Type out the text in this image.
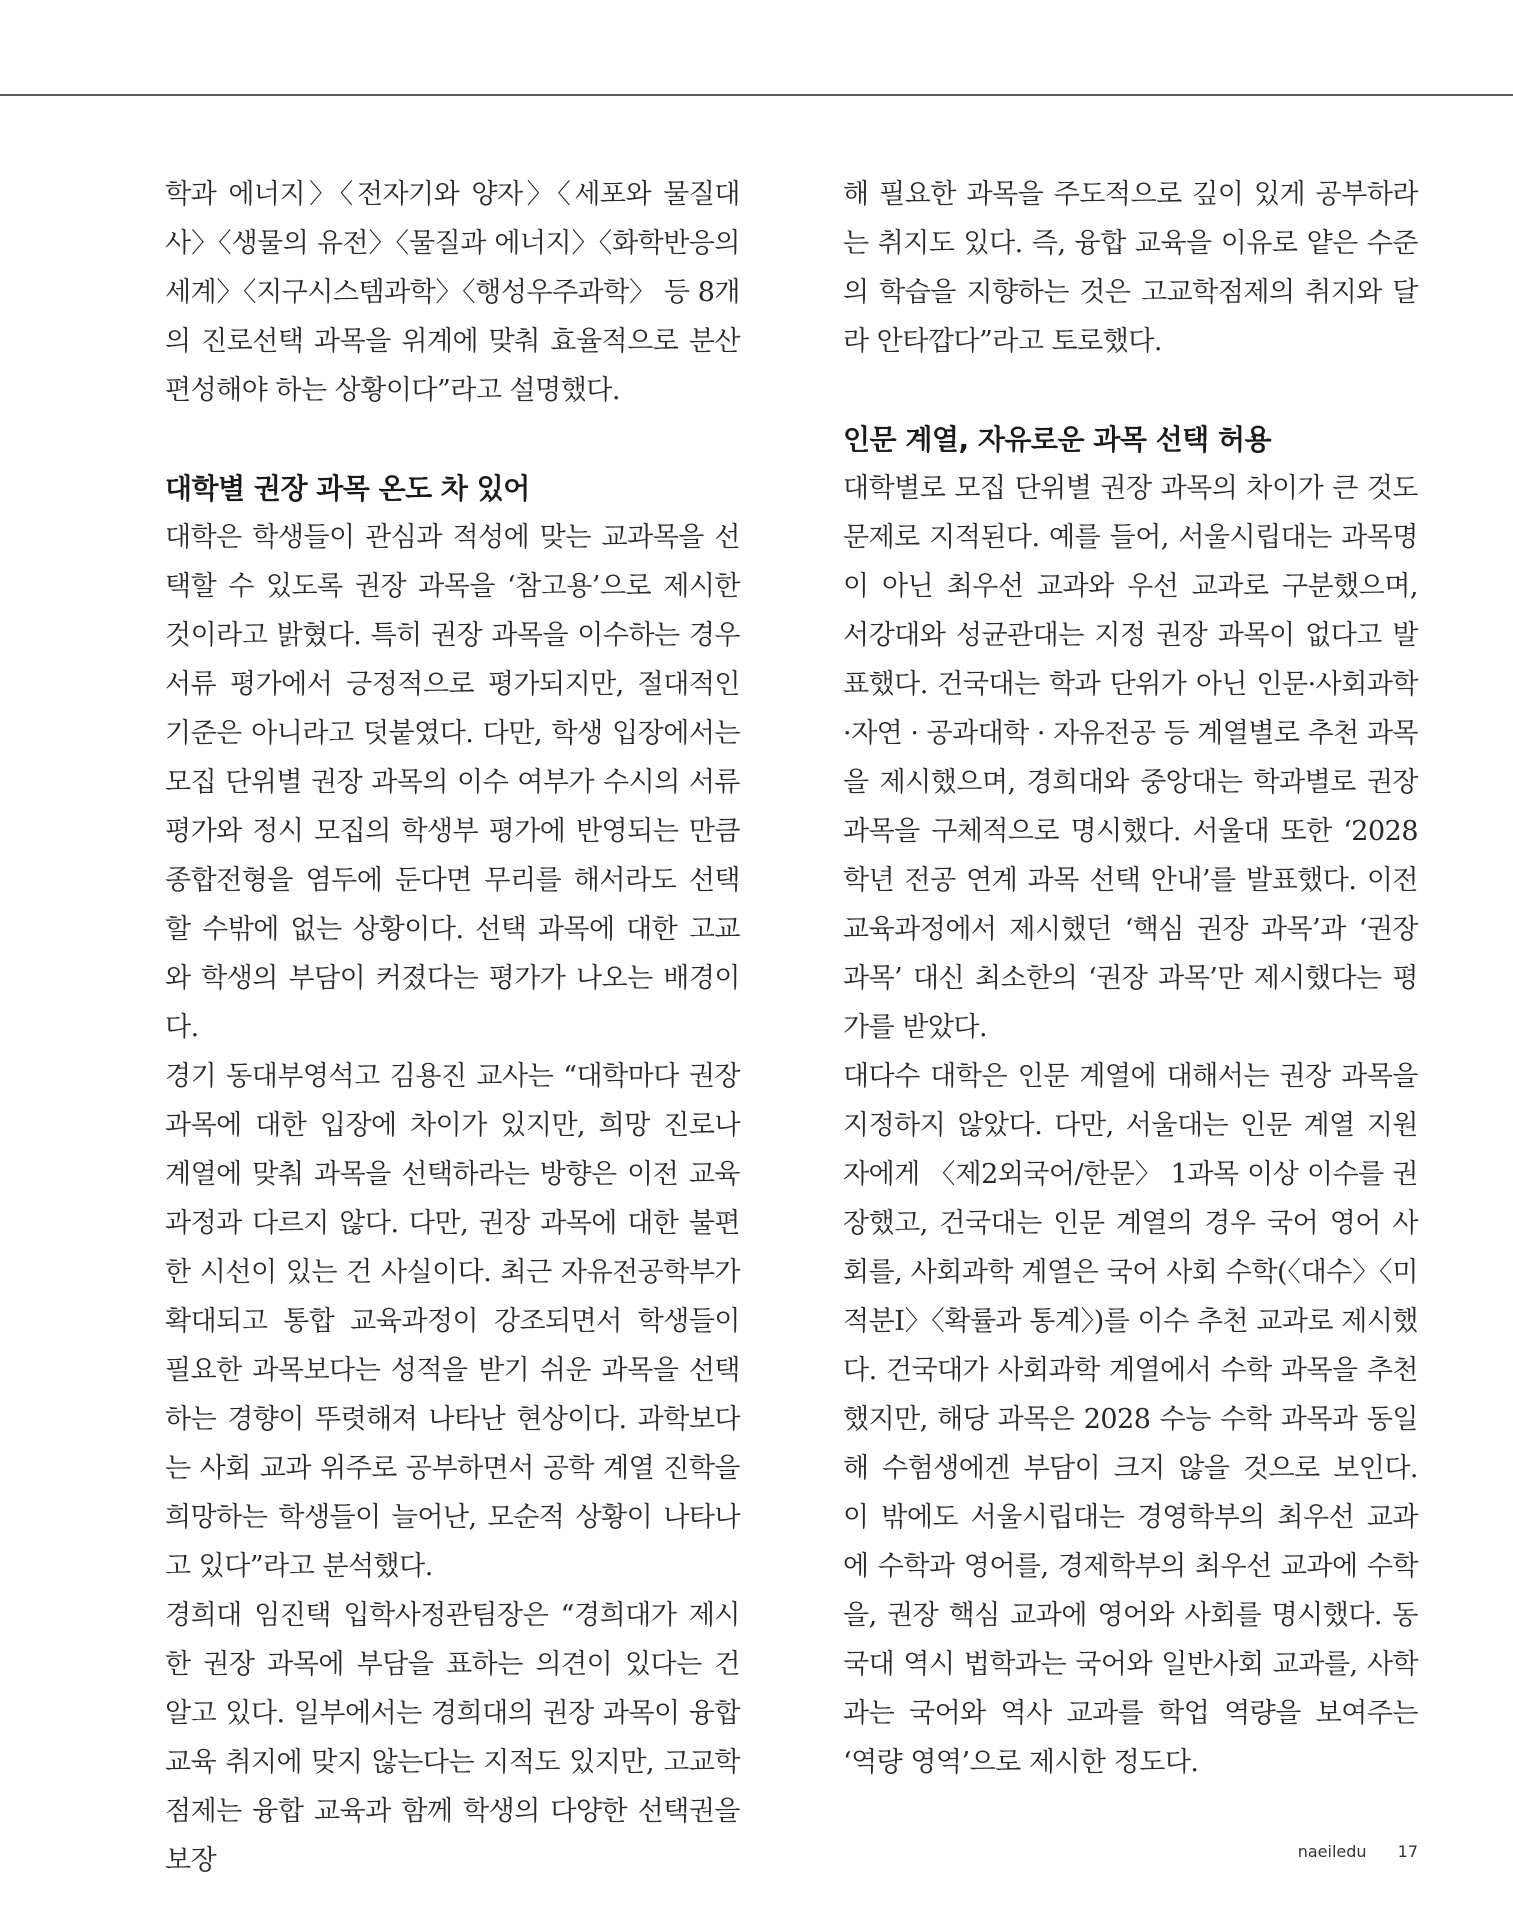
학과 에너지〉〈전자기와 양자〉〈세포와 물질대사〉〈생물의 유전〉〈물질과 에너지〉〈화학반응의 세계〉〈지구시스템과학〉〈행성우주과학〉 등 8개의 진로선택 과목을 위계에 맞춰 효율적으로 분산 편성해야 하는 상황이다”라고 설명했다.

대학별 권장 과목 온도 차 있어

대학은 학생들이 관심과 적성에 맞는 교과목을 선택할 수 있도록 권장 과목을 ‘참고용’으로 제시한 것이라고 밝혔다. 특히 권장 과목을 이수하는 경우 서류 평가에서 긍정적으로 평가되지만, 절대적인 기준은 아니라고 덧붙였다. 다만, 학생 입장에서는 모집 단위별 권장 과목의 이수 여부가 수시의 서류 평가와 정시 모집의 학생부 평가에 반영되는 만큼 종합전형을 염두에 둔다면 무리를 해서라도 선택할 수밖에 없는 상황이다. 선택 과목에 대한 고교와 학생의 부담이 커졌다는 평가가 나오는 배경이다.

경기 동대부영석고 김용진 교사는 “대학마다 권장 과목에 대한 입장에 차이가 있지만, 희망 진로나 계열에 맞춰 과목을 선택하라는 방향은 이전 교육과정과 다르지 않다. 다만, 권장 과목에 대한 불편한 시선이 있는 건 사실이다. 최근 자유전공학부가 확대되고 통합 교육과정이 강조되면서 학생들이 필요한 과목보다는 성적을 받기 쉬운 과목을 선택하는 경향이 뚜렷해져 나타난 현상이다. 과학보다는 사회 교과 위주로 공부하면서 공학 계열 진학을 희망하는 학생들이 늘어난, 모순적 상황이 나타나고 있다”라고 분석했다.

경희대 임진택 입학사정관팀장은 “경희대가 제시한 권장 과목에 부담을 표하는 의견이 있다는 건 알고 있다. 일부에서는 경희대의 권장 과목이 융합 교육 취지에 맞지 않는다는 지적도 있지만, 고교학점제는 융합 교육과 함께 학생의 다양한 선택권을 보장

해 필요한 과목을 주도적으로 깊이 있게 공부하라는 취지도 있다. 즉, 융합 교육을 이유로 얕은 수준의 학습을 지향하는 것은 고교학점제의 취지와 달라 안타깝다”라고 토로했다.

인문 계열, 자유로운 과목 선택 허용

대학별로 모집 단위별 권장 과목의 차이가 큰 것도 문제로 지적된다. 예를 들어, 서울시립대는 과목명이 아닌 최우선 교과와 우선 교과로 구분했으며, 서강대와 성균관대는 지정 권장 과목이 없다고 발표했다. 건국대는 학과 단위가 아닌 인문·사회과학·자연 · 공과대학 · 자유전공 등 계열별로 추천 과목을 제시했으며, 경희대와 중앙대는 학과별로 권장 과목을 구체적으로 명시했다. 서울대 또한 ‘2028학년 전공 연계 과목 선택 안내’를 발표했다. 이전 교육과정에서 제시했던 ‘핵심 권장 과목’과 ‘권장 과목’ 대신 최소한의 ‘권장 과목’만 제시했다는 평가를 받았다.

대다수 대학은 인문 계열에 대해서는 권장 과목을 지정하지 않았다. 다만, 서울대는 인문 계열 지원자에게 〈제2외국어/한문〉 1과목 이상 이수를 권장했고, 건국대는 인문 계열의 경우 국어 영어 사회를, 사회과학 계열은 국어 사회 수학(〈대수〉〈미적분Ⅰ〉〈확률과 통계〉)를 이수 추천 교과로 제시했다. 건국대가 사회과학 계열에서 수학 과목을 추천했지만, 해당 과목은 2028 수능 수학 과목과 동일해 수험생에겐 부담이 크지 않을 것으로 보인다. 이 밖에도 서울시립대는 경영학부의 최우선 교과에 수학과 영어를, 경제학부의 최우선 교과에 수학을, 권장 핵심 교과에 영어와 사회를 명시했다. 동국대 역시 법학과는 국어와 일반사회 교과를, 사학과는 국어와 역사 교과를 학업 역량을 보여주는 ‘역량 영역’으로 제시한 정도다.

naeiledu 17
